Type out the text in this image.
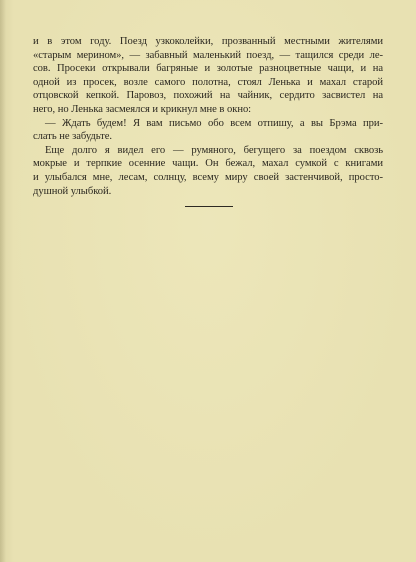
и в этом году. Поезд узкоколейки, прозванный местными жителями
«старым мерином», — забавный маленький поезд, — тащился среди ле-
сов. Просеки открывали багряные и золотые разноцветные чащи, и на
одной из просек, возле самого полотна, стоял Ленька и махал старой
отцовской кепкой. Паровоз, похожий на чайник, сердито засвистел на
него, но Ленька засмеялся и крикнул мне в окно:
— Ждать будем! Я вам письмо обо всем отпишу, а вы Брэма при-
слать не забудьте.
Еще долго я видел его — румяного, бегущего за поездом сквозь
мокрые и терпкие осенние чащи. Он бежал, махал сумкой с книгами
и улыбался мне, лесам, солнцу, всему миру своей застенчивой, просто-
душной улыбкой.
